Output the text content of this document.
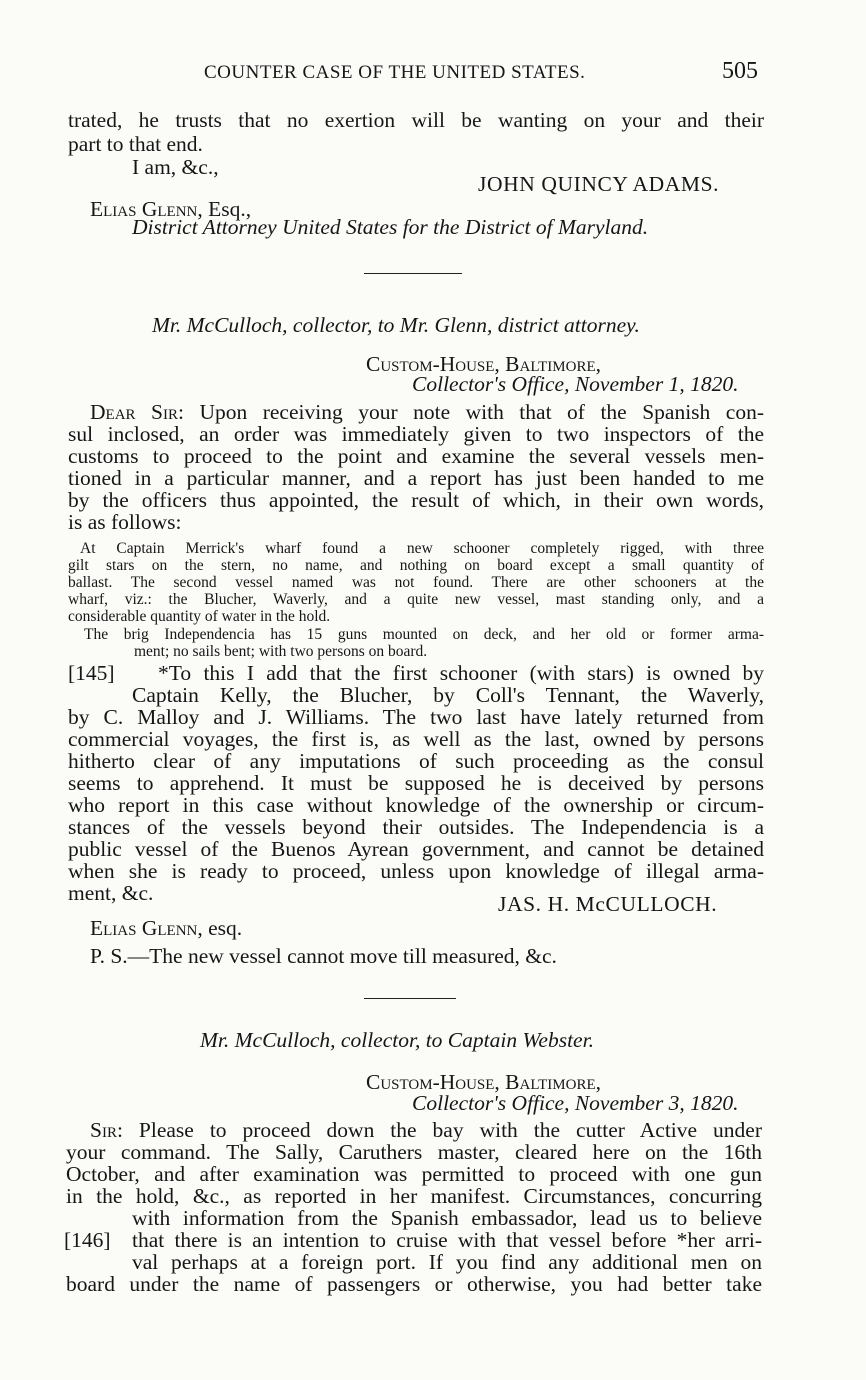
COUNTER CASE OF THE UNITED STATES.	505
trated, he trusts that no exertion will be wanting on your and their
part to that end.
I am, &c.,
JOHN QUINCY ADAMS.
Elias Glenn, Esq.,
District Attorney United States for the District of Maryland.
Mr. McCulloch, collector, to Mr. Glenn, district attorney.
Custom-House, Baltimore,
Collector's Office, November 1, 1820.
Dear Sir: Upon receiving your note with that of the Spanish con-
sul inclosed, an order was immediately given to two inspectors of the
customs to proceed to the point and examine the several vessels men-
tioned in a particular manner, and a report has just been handed to me
by the officers thus appointed, the result of which, in their own words,
is as follows:
At Captain Merrick's wharf found a new schooner completely rigged, with three
gilt stars on the stern, no name, and nothing on board except a small quantity of
ballast. The second vessel named was not found. There are other schooners at the
wharf, viz.: the Blucher, Waverly, and a quite new vessel, mast standing only, and a
considerable quantity of water in the hold.
The brig Independencia has 15 guns mounted on deck, and her old or former arma-
ment; no sails bent; with two persons on board.
[145] *To this I add that the first schooner (with stars) is owned by
Captain Kelly, the Blucher, by Coll's Tennant, the Waverly,
by C. Malloy and J. Williams. The two last have lately returned from
commercial voyages, the first is, as well as the last, owned by persons
hitherto clear of any imputations of such proceeding as the consul
seems to apprehend. It must be supposed he is deceived by persons
who report in this case without knowledge of the ownership or circum-
stances of the vessels beyond their outsides. The Independencia is a
public vessel of the Buenos Ayrean government, and cannot be detained
when she is ready to proceed, unless upon knowledge of illegal arma-
ment, &c.	JAS. H. McCULLOCH.
Elias Glenn, esq.
P. S.—The new vessel cannot move till measured, &c.
Mr. McCulloch, collector, to Captain Webster.
Custom-House, Baltimore,
Collector's Office, November 3, 1820.
Sir: Please to proceed down the bay with the cutter Active under
your command. The Sally, Caruthers master, cleared here on the 16th
October, and after examination was permitted to proceed with one gun
in the hold, &c., as reported in her manifest. Circumstances, concurring
with information from the Spanish embassador, lead us to believe
[146] that there is an intention to cruise with that vessel before *her arri-
val perhaps at a foreign port. If you find any additional men on
board under the name of passengers or otherwise, you had better take
